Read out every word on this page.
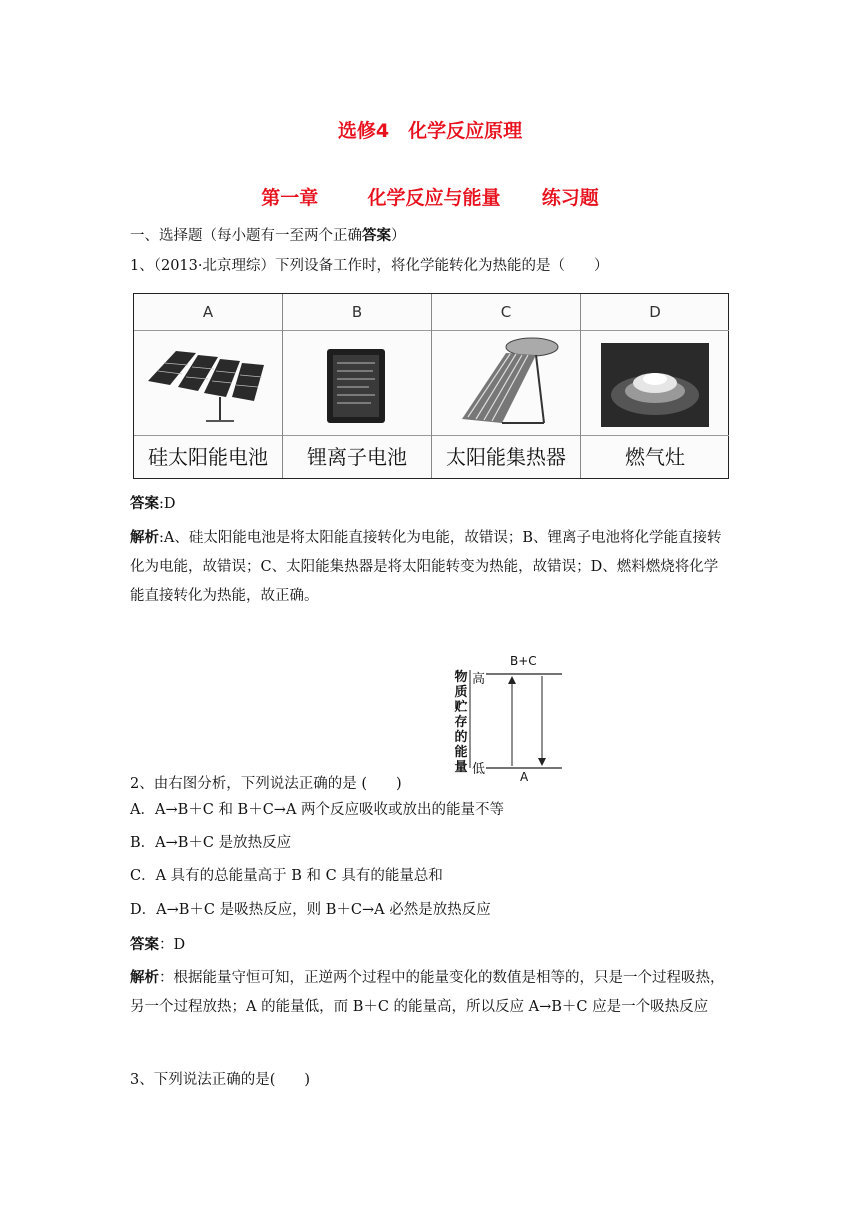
选修4　化学反应原理
第一章	化学反应与能量 练习题

一、选择题（每小题有一至两个正确答案）

1、（2013·北京理综）下列设备工作时，将化学能转化为热能的是（　　）

A
硅太阳能电池
B
锂离子电池
C
太阳能集热器
D
燃气灶

答案:D

解析:A、硅太阳能电池是将太阳能直接转化为电能，故错误；B、锂离子电池将化学能直接转化为电能，故错误；C、太阳能集热器是将太阳能转变为热能，故错误；D、燃料燃烧将化学能直接转化为热能，故正确。

物质贮存的能量
高
低
B+C
A

2、由右图分析，下列说法正确的是 (　　)

A．A→B＋C 和 B＋C→A 两个反应吸收或放出的能量不等

B．A→B＋C 是放热反应

C．A 具有的总能量高于 B 和 C 具有的能量总和

D．A→B＋C 是吸热反应，则 B＋C→A 必然是放热反应

答案：D

解析：根据能量守恒可知，正逆两个过程中的能量变化的数值是相等的，只是一个过程吸热，另一个过程放热；A 的能量低，而 B＋C 的能量高，所以反应 A→B＋C 应是一个吸热反应

3、下列说法正确的是(　　)
